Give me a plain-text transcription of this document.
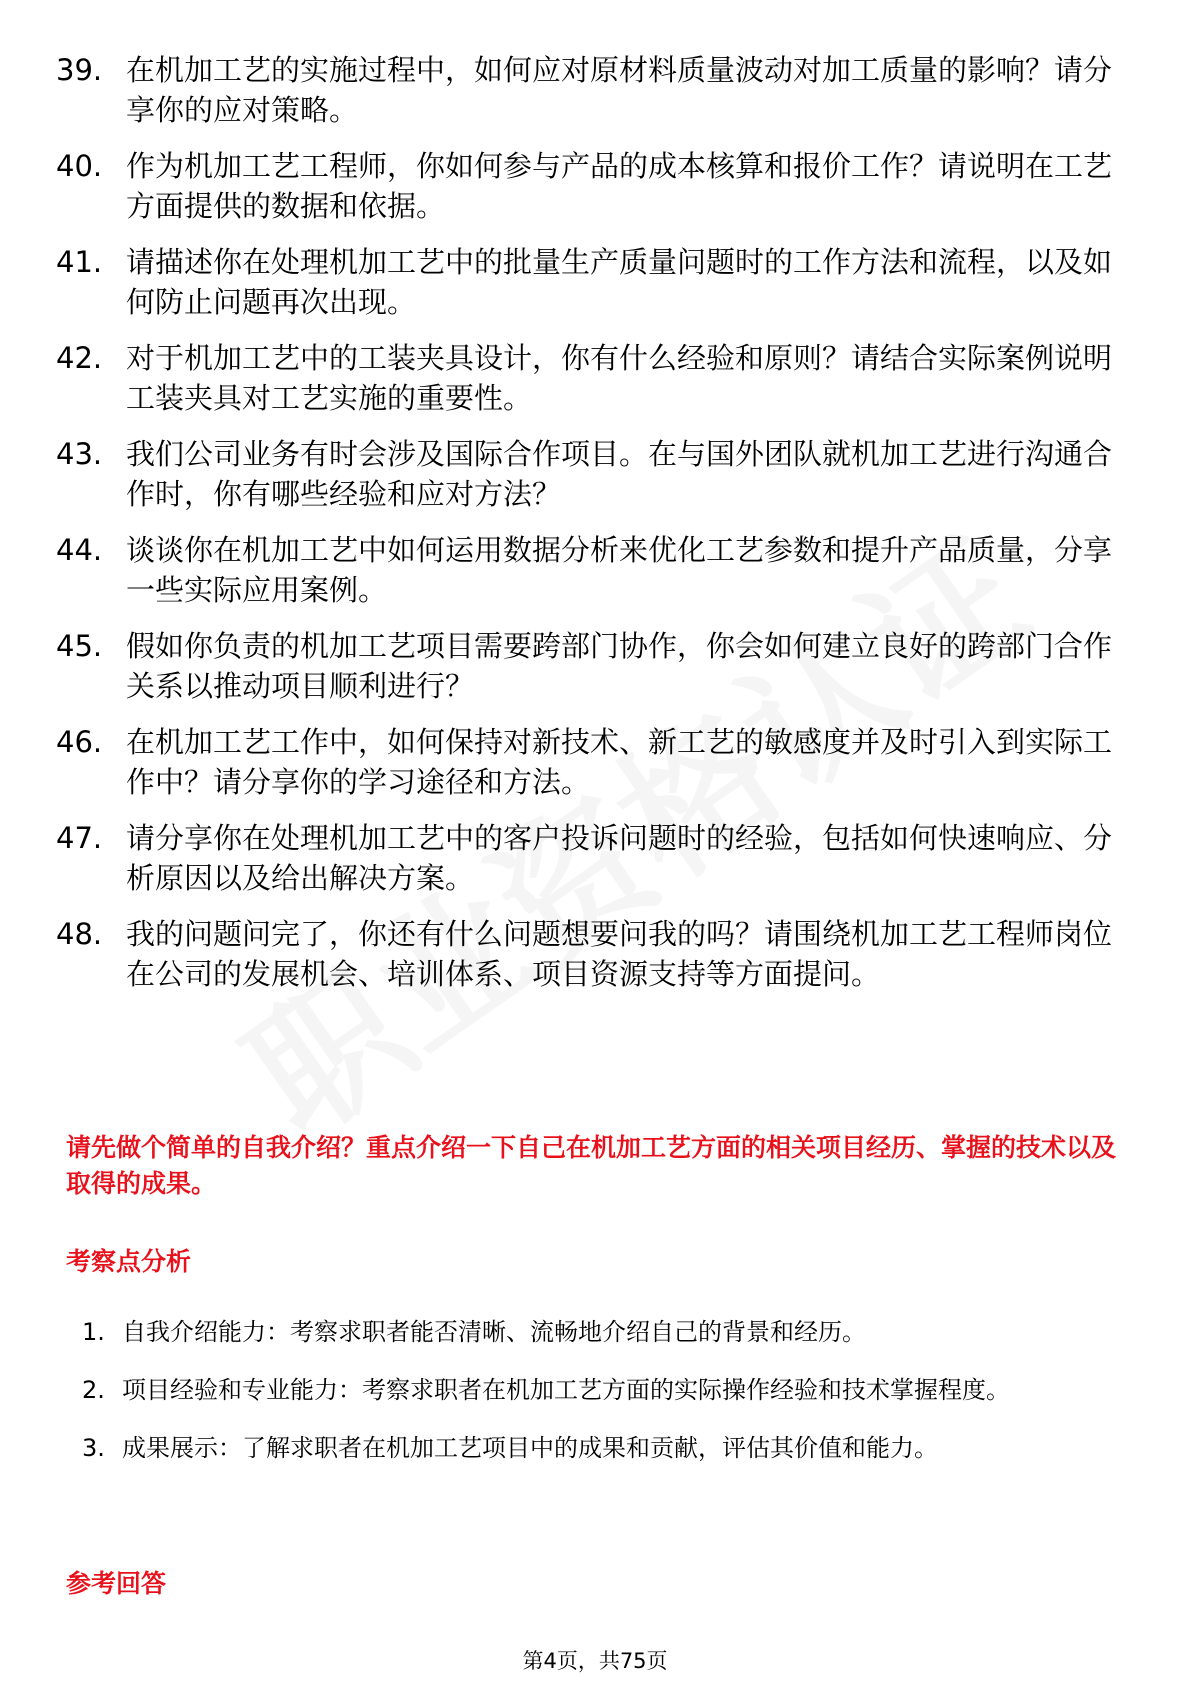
39. 在机加工艺的实施过程中，如何应对原材料质量波动对加工质量的影响？请分享你的应对策略。
40. 作为机加工艺工程师，你如何参与产品的成本核算和报价工作？请说明在工艺方面提供的数据和依据。
41. 请描述你在处理机加工艺中的批量生产质量问题时的工作方法和流程，以及如何防止问题再次出现。
42. 对于机加工艺中的工装夹具设计，你有什么经验和原则？请结合实际案例说明工装夹具对工艺实施的重要性。
43. 我们公司业务有时会涉及国际合作项目。在与国外团队就机加工艺进行沟通合作时，你有哪些经验和应对方法？
44. 谈谈你在机加工艺中如何运用数据分析来优化工艺参数和提升产品质量，分享一些实际应用案例。
45. 假如你负责的机加工艺项目需要跨部门协作，你会如何建立良好的跨部门合作关系以推动项目顺利进行？
46. 在机加工艺工作中，如何保持对新技术、新工艺的敏感度并及时引入到实际工作中？请分享你的学习途径和方法。
47. 请分享你在处理机加工艺中的客户投诉问题时的经验，包括如何快速响应、分析原因以及给出解决方案。
48. 我的问题问完了，你还有什么问题想要问我的吗？请围绕机加工艺工程师岗位在公司的发展机会、培训体系、项目资源支持等方面提问。
请先做个简单的自我介绍？重点介绍一下自己在机加工艺方面的相关项目经历、掌握的技术以及取得的成果。
考察点分析
1. 自我介绍能力：考察求职者能否清晰、流畅地介绍自己的背景和经历。
2. 项目经验和专业能力：考察求职者在机加工艺方面的实际操作经验和技术掌握程度。
3. 成果展示：了解求职者在机加工艺项目中的成果和贡献，评估其价值和能力。
参考回答
第4页，共75页
